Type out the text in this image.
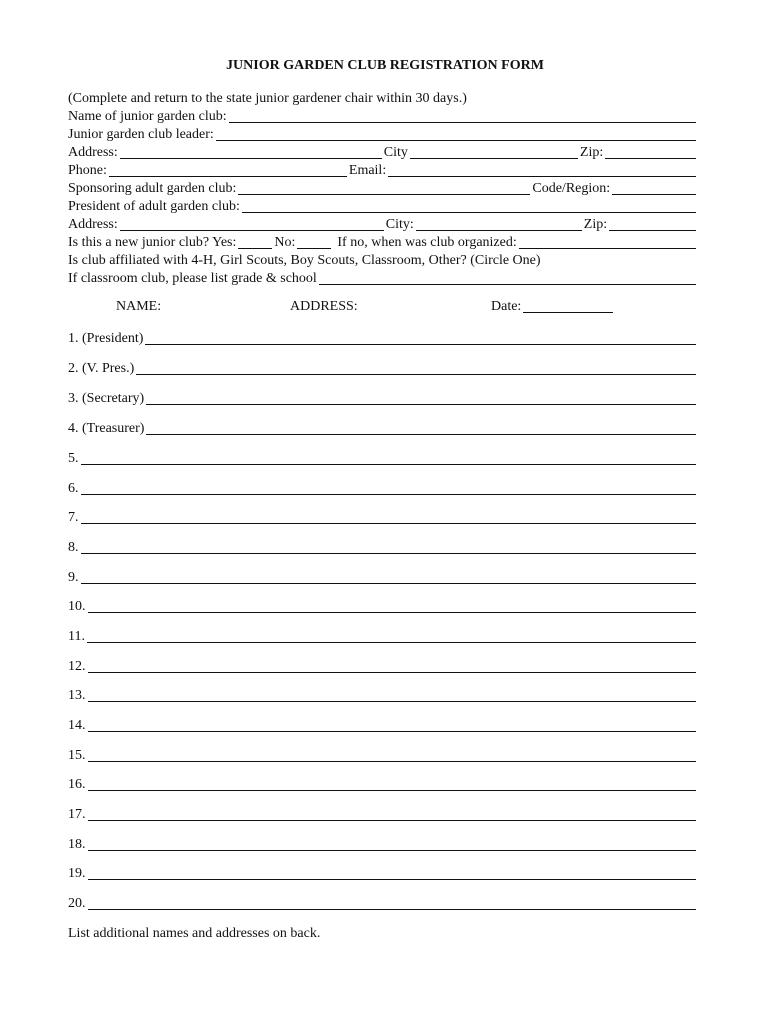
JUNIOR GARDEN CLUB REGISTRATION FORM
(Complete and return to the state junior gardener chair within 30 days.)
Name of junior garden club:
Junior garden club leader:
Address:	City	Zip:
Phone:	Email:
Sponsoring adult garden club:	Code/Region:
President of adult garden club:
Address:	City:	Zip:
Is this a new junior club? Yes:	No:	If no, when was club organized:
Is club affiliated with 4-H, Girl Scouts, Boy Scouts, Classroom, Other? (Circle One)
If classroom club, please list grade & school
NAME:	ADDRESS:	Date:
1. (President)
2. (V. Pres.)
3. (Secretary)
4. (Treasurer)
5.
6.
7.
8.
9.
10.
11.
12.
13.
14.
15.
16.
17.
18.
19.
20.
List additional names and addresses on back.
